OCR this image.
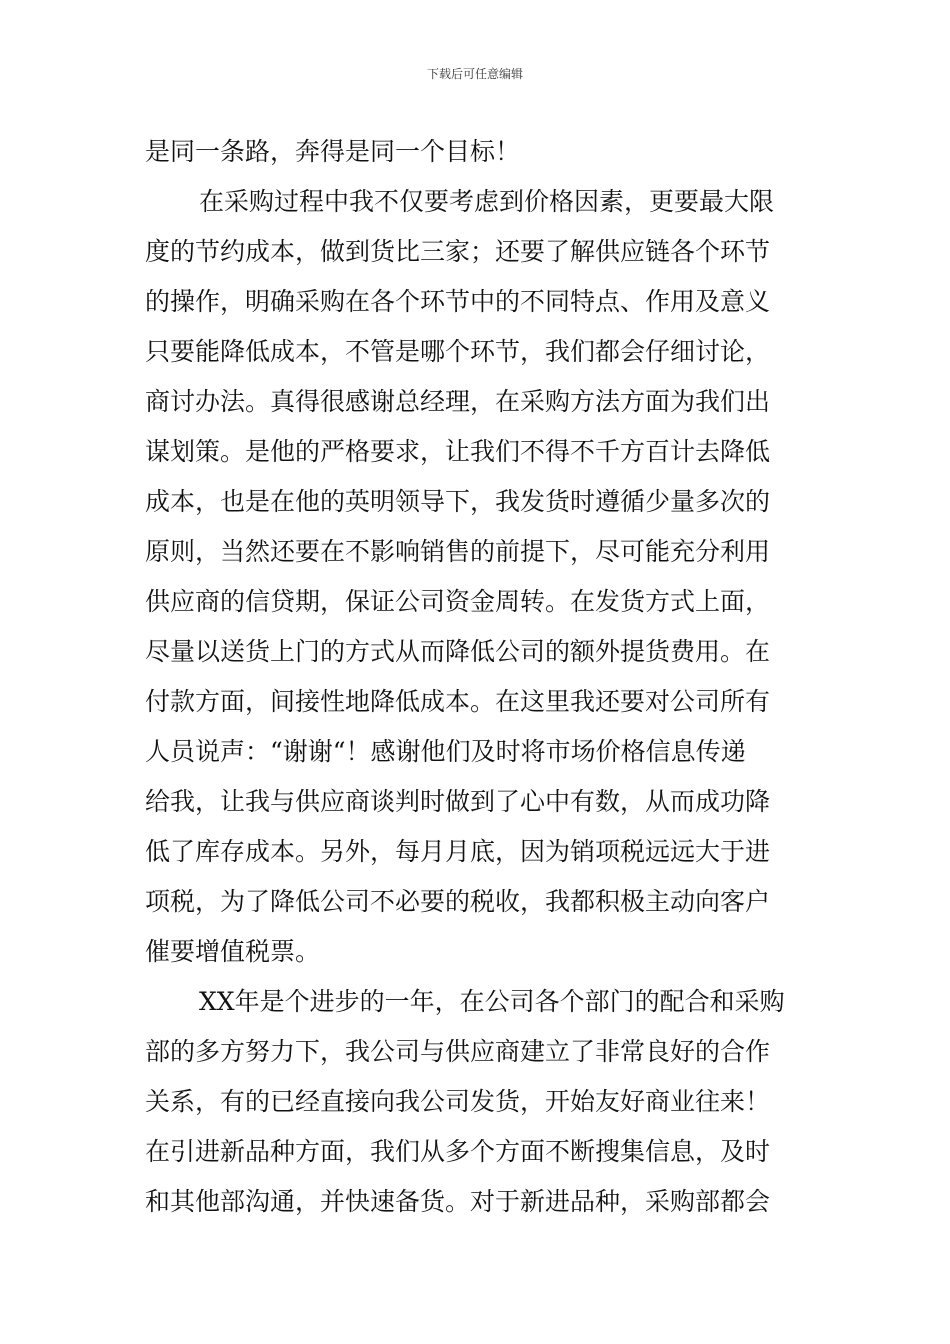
下载后可任意编辑
是同一条路，奔得是同一个目标！
在采购过程中我不仅要考虑到价格因素，更要最大限
度的节约成本，做到货比三家；还要了解供应链各个环节
的操作，明确采购在各个环节中的不同特点、作用及意义
只要能降低成本，不管是哪个环节，我们都会仔细讨论，
商讨办法。真得很感谢总经理，在采购方法方面为我们出
谋划策。是他的严格要求，让我们不得不千方百计去降低
成本，也是在他的英明领导下，我发货时遵循少量多次的
原则，当然还要在不影响销售的前提下，尽可能充分利用
供应商的信贷期，保证公司资金周转。在发货方式上面，
尽量以送货上门的方式从而降低公司的额外提货费用。在
付款方面，间接性地降低成本。在这里我还要对公司所有
人员说声：“谢谢“！感谢他们及时将市场价格信息传递
给我，让我与供应商谈判时做到了心中有数，从而成功降
低了库存成本。另外，每月月底，因为销项税远远大于进
项税，为了降低公司不必要的税收，我都积极主动向客户
催要增值税票。
XX年是个进步的一年，在公司各个部门的配合和采购
部的多方努力下，我公司与供应商建立了非常良好的合作
关系，有的已经直接向我公司发货，开始友好商业往来！
在引进新品种方面，我们从多个方面不断搜集信息，及时
和其他部沟通，并快速备货。对于新进品种，采购部都会
